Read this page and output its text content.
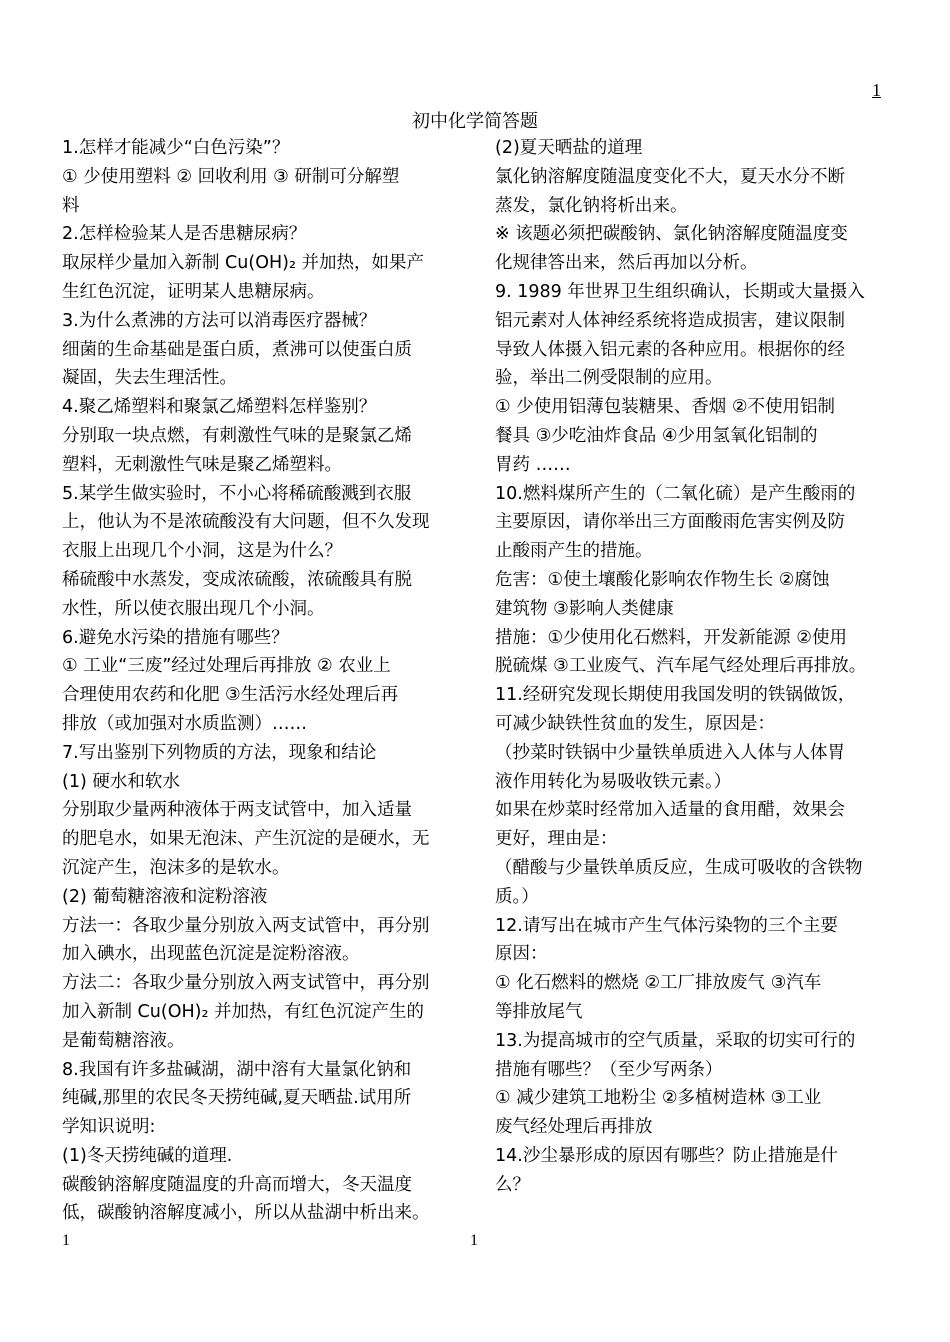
1
初中化学简答题
1.怎样才能减少“白色污染”？
① 少使用塑料 ② 回收利用 ③ 研制可分解塑
料
2.怎样检验某人是否患糖尿病？
取尿样少量加入新制 Cu(OH)₂ 并加热，如果产
生红色沉淀，证明某人患糖尿病。
3.为什么煮沸的方法可以消毒医疗器械？
细菌的生命基础是蛋白质，煮沸可以使蛋白质
凝固，失去生理活性。
4.聚乙烯塑料和聚氯乙烯塑料怎样鉴别？
分别取一块点燃，有刺激性气味的是聚氯乙烯
塑料，无刺激性气味是聚乙烯塑料。
5.某学生做实验时，不小心将稀硫酸溅到衣服
上，他认为不是浓硫酸没有大问题，但不久发现
衣服上出现几个小洞，这是为什么？
稀硫酸中水蒸发，变成浓硫酸，浓硫酸具有脱
水性，所以使衣服出现几个小洞。
6.避免水污染的措施有哪些？
① 工业“三废”经过处理后再排放 ② 农业上
合理使用农药和化肥 ③生活污水经处理后再
排放（或加强对水质监测）……
7.写出鉴别下列物质的方法，现象和结论
(1) 硬水和软水
分别取少量两种液体于两支试管中，加入适量
的肥皂水，如果无泡沫、产生沉淀的是硬水，无
沉淀产生，泡沫多的是软水。
(2) 葡萄糖溶液和淀粉溶液
方法一：各取少量分别放入两支试管中，再分别
加入碘水，出现蓝色沉淀是淀粉溶液。
方法二：各取少量分别放入两支试管中，再分别
加入新制 Cu(OH)₂ 并加热，有红色沉淀产生的
是葡萄糖溶液。
8.我国有许多盐碱湖，湖中溶有大量氯化钠和
纯碱,那里的农民冬天捞纯碱,夏天晒盐.试用所
学知识说明:
(1)冬天捞纯碱的道理.
碳酸钠溶解度随温度的升高而增大，冬天温度
低，碳酸钠溶解度减小，所以从盐湖中析出来。
(2)夏天晒盐的道理
氯化钠溶解度随温度变化不大，夏天水分不断
蒸发，氯化钠将析出来。
※ 该题必须把碳酸钠、氯化钠溶解度随温度变
化规律答出来，然后再加以分析。
9. 1989 年世界卫生组织确认，长期或大量摄入
铝元素对人体神经系统将造成损害，建议限制
导致人体摄入铝元素的各种应用。根据你的经
验，举出二例受限制的应用。
① 少使用铝薄包装糖果、香烟 ②不使用铝制
餐具 ③少吃油炸食品 ④少用氢氧化铝制的
胃药 ……
10.燃料煤所产生的（二氧化硫）是产生酸雨的
主要原因，请你举出三方面酸雨危害实例及防
止酸雨产生的措施。
危害：①使土壤酸化影响农作物生长 ②腐蚀
建筑物 ③影响人类健康
措施：①少使用化石燃料，开发新能源 ②使用
脱硫煤 ③工业废气、汽车尾气经处理后再排放。
11.经研究发现长期使用我国发明的铁锅做饭，
可减少缺铁性贫血的发生，原因是：
（抄菜时铁锅中少量铁单质进入人体与人体胃
液作用转化为易吸收铁元素。）
如果在炒菜时经常加入适量的食用醋，效果会
更好，理由是：
（醋酸与少量铁单质反应，生成可吸收的含铁物
质。）
12.请写出在城市产生气体污染物的三个主要
原因：
① 化石燃料的燃烧 ②工厂排放废气 ③汽车
等排放尾气
13.为提高城市的空气质量，采取的切实可行的
措施有哪些？（至少写两条）
① 减少建筑工地粉尘 ②多植树造林 ③工业
废气经处理后再排放
14.沙尘暴形成的原因有哪些？防止措施是什
么？
1	1
